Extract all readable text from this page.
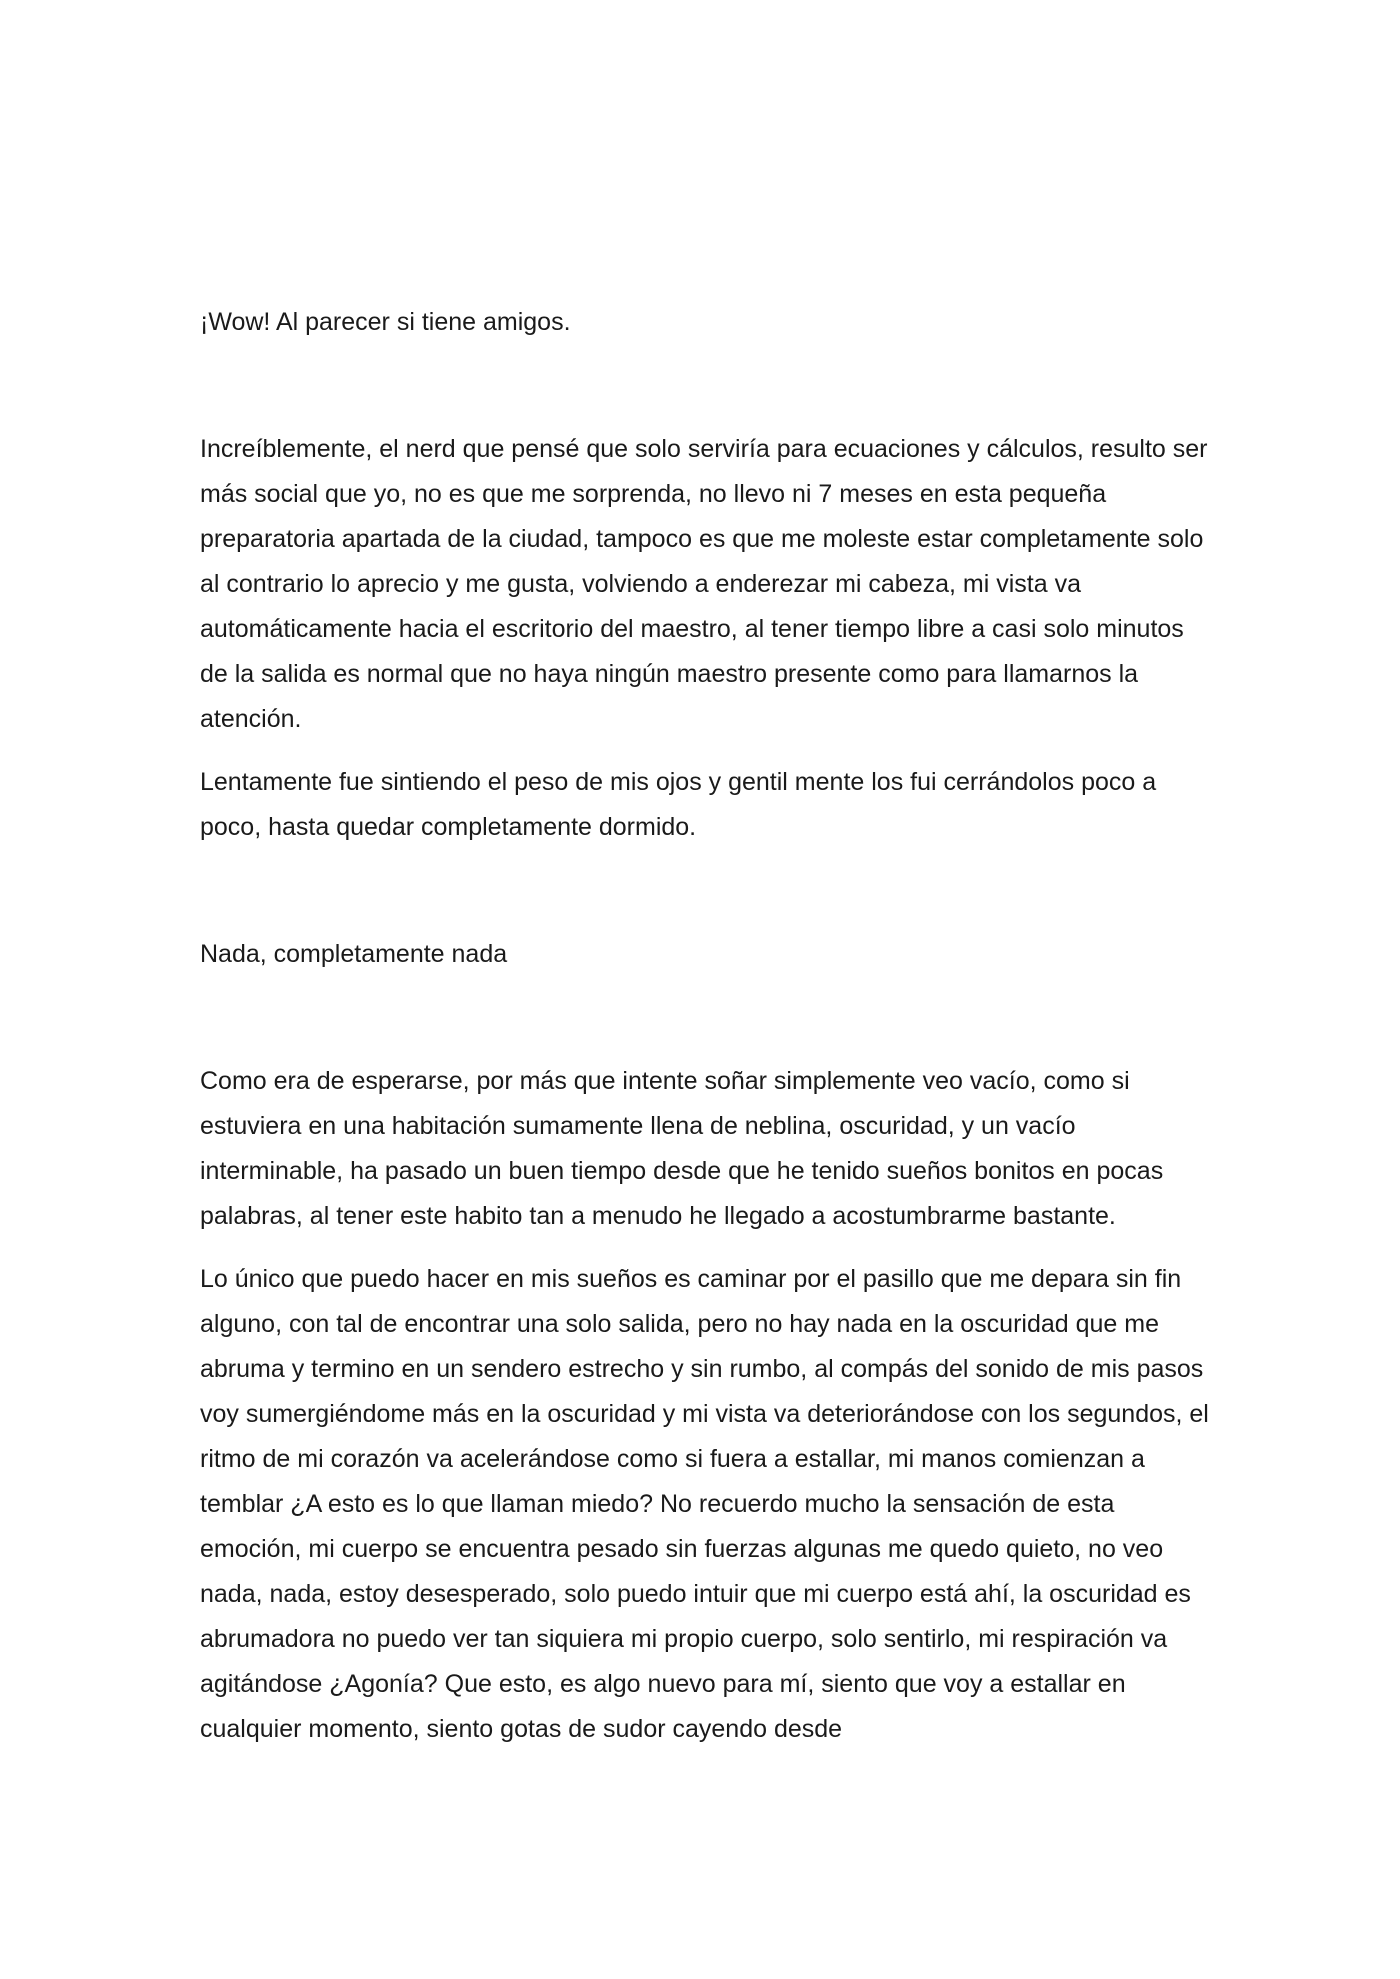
¡Wow! Al parecer si tiene amigos.

Increíblemente, el nerd que pensé que solo serviría para ecuaciones y cálculos, resulto ser más social que yo, no es que me sorprenda, no llevo ni 7 meses en esta pequeña preparatoria apartada de la ciudad, tampoco es que me moleste estar completamente solo al contrario lo aprecio y me gusta, volviendo a enderezar mi cabeza, mi vista va automáticamente hacia el escritorio del maestro, al tener tiempo libre a casi solo minutos de la salida es normal que no haya ningún maestro presente como para llamarnos la atención.

Lentamente fue sintiendo el peso de mis ojos y gentil mente los fui cerrándolos poco a poco, hasta quedar completamente dormido.

Nada, completamente nada

Como era de esperarse, por más que intente soñar simplemente veo vacío, como si estuviera en una habitación sumamente llena de neblina, oscuridad, y un vacío interminable, ha pasado un buen tiempo desde que he tenido sueños bonitos en pocas palabras, al tener este habito tan a menudo he llegado a acostumbrarme bastante.

Lo único que puedo hacer en mis sueños es caminar por el pasillo que me depara sin fin alguno, con tal de encontrar una solo salida, pero no hay nada en la oscuridad que me abruma y termino en un sendero estrecho y sin rumbo, al compás del sonido de mis pasos voy sumergiéndome más en la oscuridad y mi vista va deteriorándose con los segundos, el ritmo de mi corazón va acelerándose como si fuera a estallar, mi manos comienzan a temblar ¿A esto es lo que llaman miedo? No recuerdo mucho la sensación de esta emoción, mi cuerpo se encuentra pesado sin fuerzas algunas me quedo quieto, no veo nada, nada, estoy desesperado, solo puedo intuir que mi cuerpo está ahí, la oscuridad es abrumadora no puedo ver tan siquiera mi propio cuerpo, solo sentirlo, mi respiración va agitándose ¿Agonía? Que esto, es algo nuevo para mí, siento que voy a estallar en cualquier momento, siento gotas de sudor cayendo desde
